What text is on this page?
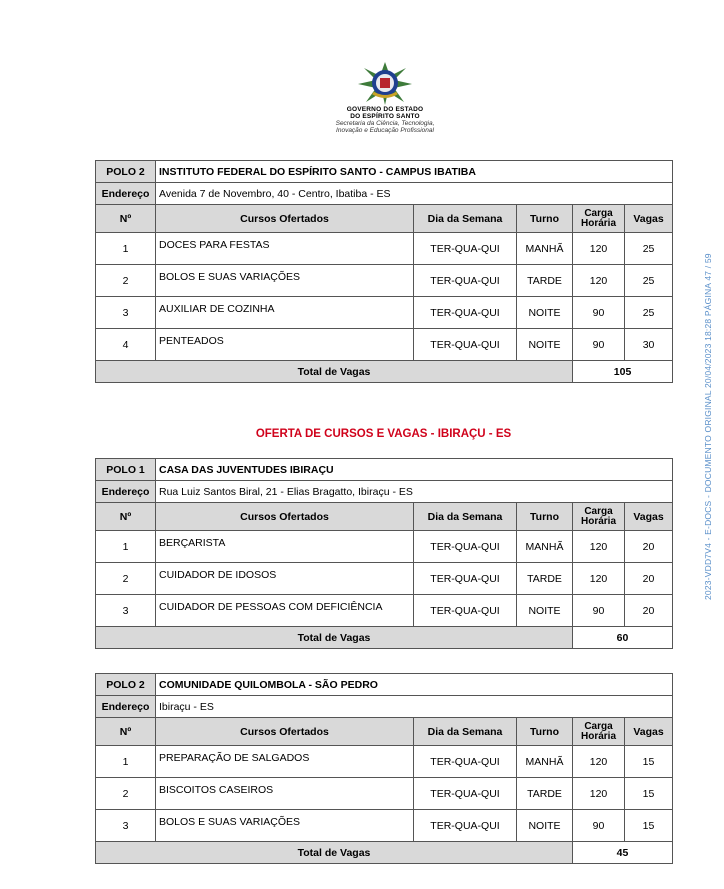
GOVERNO DO ESTADO
DO ESPÍRITO SANTO
Secretaria da Ciência, Tecnologia,
Inovação e Educação Profissional
POLO 2	INSTITUTO FEDERAL DO ESPÍRITO SANTO - CAMPUS IBATIBA				
Endereço	Avenida 7 de Novembro, 40 - Centro, Ibatiba - ES				
Nº	Cursos Ofertados	Dia da Semana	Turno	Carga
Horária	Vagas
1	DOCES PARA FESTAS	TER-QUA-QUI	MANHÃ	120	25
2	BOLOS E SUAS VARIAÇÕES	TER-QUA-QUI	TARDE	120	25
3	AUXILIAR DE COZINHA	TER-QUA-QUI	NOITE	90	25
4	PENTEADOS	TER-QUA-QUI	NOITE	90	30
Total de Vagas				105	
OFERTA DE CURSOS E VAGAS - IBIRAÇU - ES
POLO 1	CASA DAS JUVENTUDES IBIRAÇU				
Endereço	Rua Luiz Santos Biral, 21 - Elias Bragatto, Ibiraçu - ES				
Nº	Cursos Ofertados	Dia da Semana	Turno	Carga
Horária	Vagas
1	BERÇARISTA	TER-QUA-QUI	MANHÃ	120	20
2	CUIDADOR DE IDOSOS	TER-QUA-QUI	TARDE	120	20
3	CUIDADOR DE PESSOAS COM DEFICIÊNCIA	TER-QUA-QUI	NOITE	90	20
Total de Vagas				60	
POLO 2	COMUNIDADE QUILOMBOLA - SÃO PEDRO				
Endereço	Ibiraçu - ES				
Nº	Cursos Ofertados	Dia da Semana	Turno	Carga
Horária	Vagas
1	PREPARAÇÃO DE SALGADOS	TER-QUA-QUI	MANHÃ	120	15
2	BISCOITOS CASEIROS	TER-QUA-QUI	TARDE	120	15
3	BOLOS E SUAS VARIAÇÕES	TER-QUA-QUI	NOITE	90	15
Total de Vagas				45	
2023-VDD7V4 - E-DOCS - DOCUMENTO ORIGINAL 20/04/2023 18:28 PÁGINA 47 / 59
